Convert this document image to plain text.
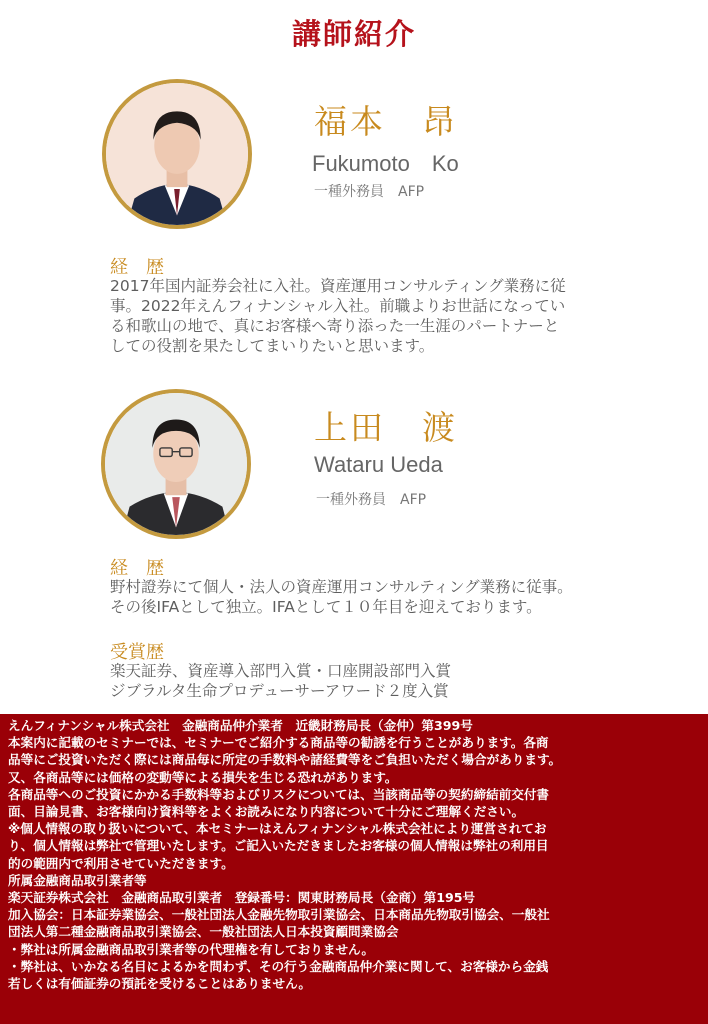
講師紹介
福本　昂
Fukumoto　Ko
一種外務員　AFP
経　歴
2017年国内証券会社に入社。資産運用コンサルティング業務に従
事。2022年えんフィナンシャル入社。前職よりお世話になってい
る和歌山の地で、真にお客様へ寄り添った一生涯のパートナーと
しての役割を果たしてまいりたいと思います。
上田　渡
Wataru Ueda
一種外務員　AFP
経　歴
野村證券にて個人・法人の資産運用コンサルティング業務に従事。
その後IFAとして独立。IFAとして１０年目を迎えております。
受賞歴
楽天証券、資産導入部門入賞・口座開設部門入賞
ジブラルタ生命プロデューサーアワード２度入賞
えんフィナンシャル株式会社　金融商品仲介業者　近畿財務局長（金仲）第399号
本案内に記載のセミナーでは、セミナーでご紹介する商品等の勧誘を行うことがあります。各商
品等にご投資いただく際には商品毎に所定の手数料や諸経費等をご負担いただく場合があります。
又、各商品等には価格の変動等による損失を生じる恐れがあります。
各商品等へのご投資にかかる手数料等およびリスクについては、当該商品等の契約締結前交付書
面、目論見書、お客様向け資料等をよくお読みになり内容について十分にご理解ください。
※個人情報の取り扱いについて、本セミナーはえんフィナンシャル株式会社により運営されてお
り、個人情報は弊社で管理いたします。ご記入いただきましたお客様の個人情報は弊社の利用目
的の範囲内で利用させていただきます。
所属金融商品取引業者等
楽天証券株式会社　金融商品取引業者　登録番号：関東財務局長（金商）第195号
加入協会：日本証券業協会、一般社団法人金融先物取引業協会、日本商品先物取引協会、一般社
団法人第二種金融商品取引業協会、一般社団法人日本投資顧問業協会
・弊社は所属金融商品取引業者等の代理権を有しておりません。
・弊社は、いかなる名目によるかを問わず、その行う金融商品仲介業に関して、お客様から金銭
若しくは有価証券の預託を受けることはありません。
